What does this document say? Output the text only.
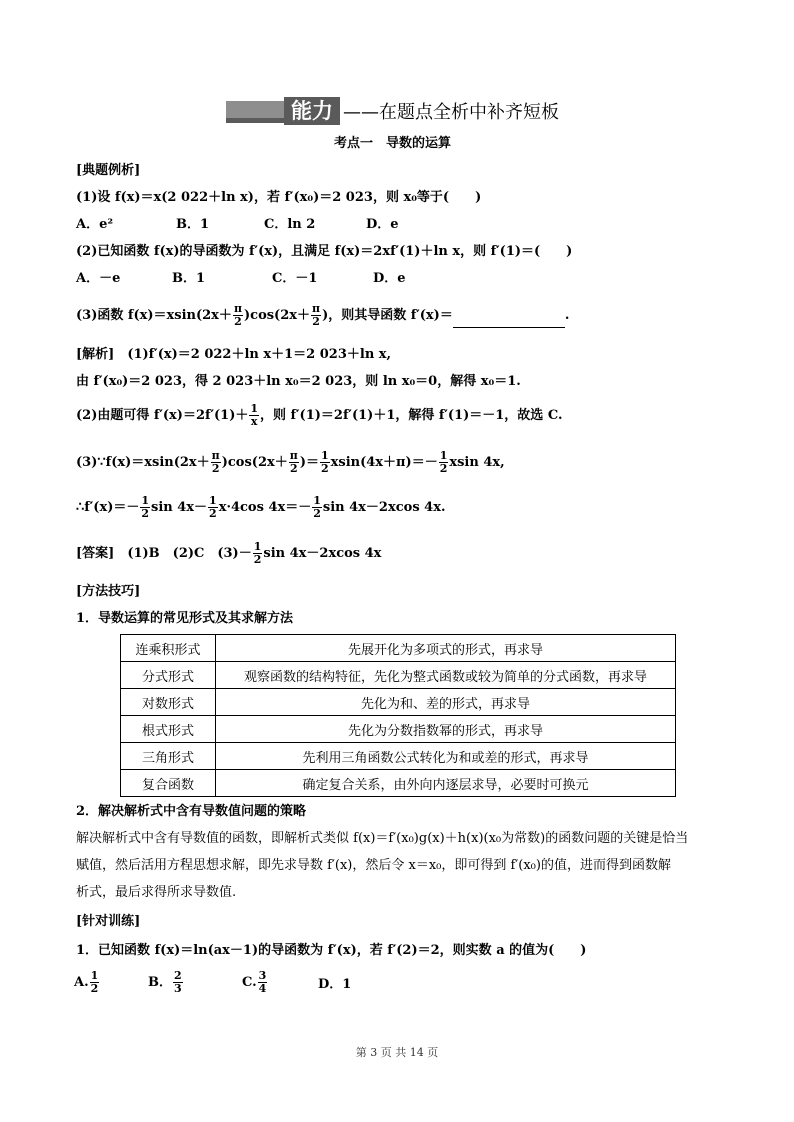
能力 ——在题点全析中补齐短板
考点一　导数的运算
[典题例析]
(1)设 f(x)＝x(2 022＋ln x)，若 f′(x₀)＝2 023，则 x₀等于(　　)
A．e²	B．1	C．ln 2	D．e
(2)已知函数 f(x)的导函数为 f′(x)，且满足 f(x)＝2xf′(1)＋ln x，则 f′(1)＝(　　)
A．－e	B．1	C．－1	D．e
(3)函数 $f(x)=xsin(2x+ \frac{\pi}{2} )\cos(2x+ \frac{\pi}{2}$ )，则其导函数 f′(x)＝	.
[解析]　 (1)f′(x)＝2 022＋ln x＋1＝2 023＋ln x,
由 f′(x₀)＝2 023，得 2 023＋ln x₀＝2 023，则 ln x₀＝0，解得 x₀＝1.
(2)由题可得 $f'(x)=2f'(1)+ \frac{1}{x}$ ，则 f′(1)＝2f′(1)＋1，解得 f′(1)＝－1，故选 C.
(3)∵f(x)＝xsin(2x＋ $\frac{\pi}{2} )\cos(2x+ \frac{\pi}{2}$ )＝ $\frac{1}{2} xsin(4x+\pi)=- \frac{1}{2}$ xsin 4x,
∴f′(x)＝－ $\frac{1}{2}$ $\sin 4x- \frac{1}{2} x\cdot 4\cos$ $4x=- \frac{1}{2}$ sin 4x－2xcos 4x.
[答案]　 (1)B　(2)C　$(3)- \frac{1}{2}$ sin 4x－2xcos 4x
[方法技巧]
1．导数运算的常见形式及其求解方法
连乘积形式	先展开化为多项式的形式，再求导
分式形式	观察函数的结构特征，先化为整式函数或较为简单的分式函数，再求导
对数形式	先化为和、差的形式，再求导
根式形式	先化为分数指数幂的形式，再求导
三角形式	先利用三角函数公式转化为和或差的形式，再求导
复合函数	确定复合关系，由外向内逐层求导，必要时可换元
2．解决解析式中含有导数值问题的策略
解决解析式中含有导数值的函数，即解析式类似 f(x)＝f′(x₀)g(x)＋h(x)(x₀为常数)的函数问题的关键是恰当
赋值，然后活用方程思想求解，即先求导数 f′(x)，然后令 x＝x₀，即可得到 f′(x₀)的值，进而得到函数解
析式，最后求得所求导数值.
[针对训练]
1．已知函数 f(x)＝ln(ax－1)的导函数为 f′(x)，若 f′(2)＝2，则实数 a 的值为(　　)
A. $\frac{1}{2}$	B． $\frac{2}{3}$	C. $\frac{3}{4}$	D．1
第 3 页 共 14 页
